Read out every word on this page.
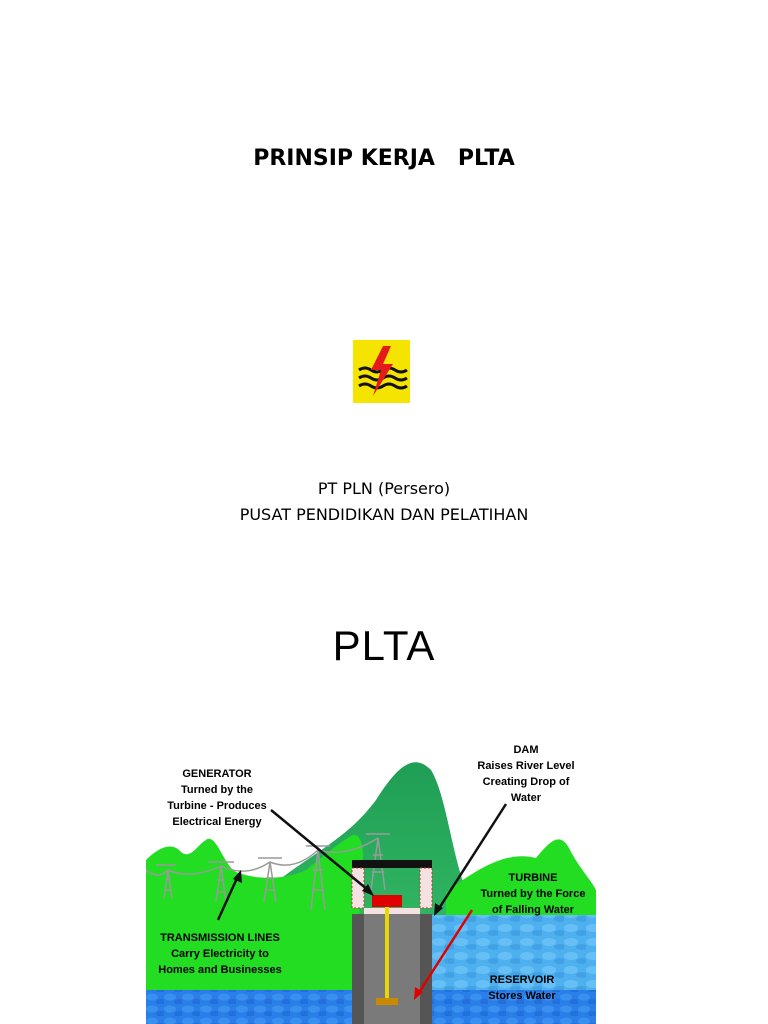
PRINSIP KERJA   PLTA
PT PLN (Persero)
PUSAT PENDIDIKAN DAN PELATIHAN
PLTA
GENERATOR
Turned by the
Turbine - Produces
Electrical Energy
DAM
Raises River Level
Creating Drop of
Water
TURBINE
Turned by the Force
of Falling Water
TRANSMISSION LINES
Carry Electricity to
Homes and Businesses
RESERVOIR
Stores Water
